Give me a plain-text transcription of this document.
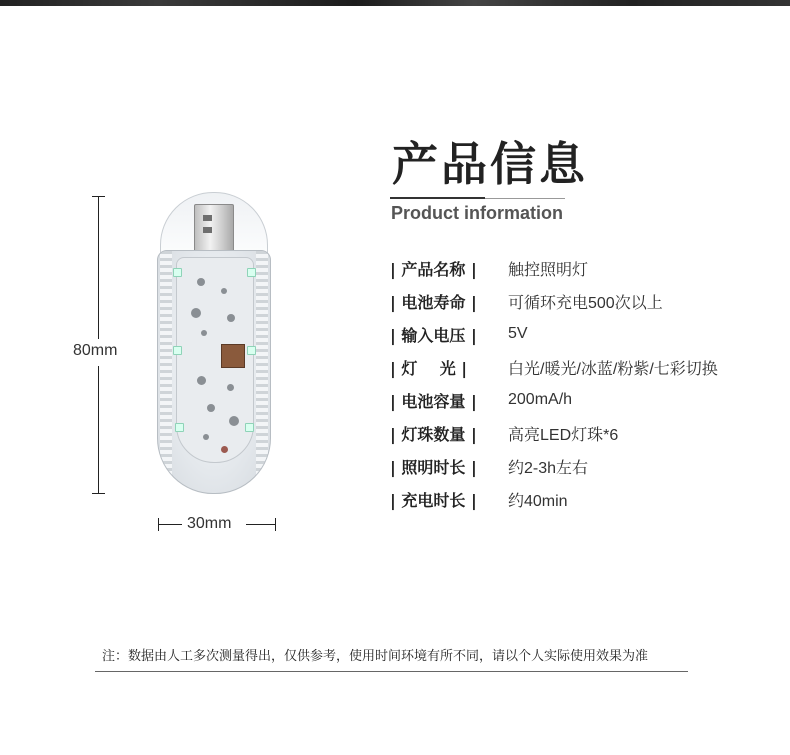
80mm
30mm
产品信息
Product information
| 产品名称 |	触控照明灯
| 电池寿命 |	可循环充电500次以上
| 输入电压 |	5V
| 灯    光 |	白光/暖光/冰蓝/粉紫/七彩切换
| 电池容量 |	200mA/h
| 灯珠数量 |	高亮LED灯珠*6
| 照明时长 |	约2-3h左右
| 充电时长 |	约40min
注：数据由人工多次测量得出，仅供参考，使用时间环境有所不同，请以个人实际使用效果为准
